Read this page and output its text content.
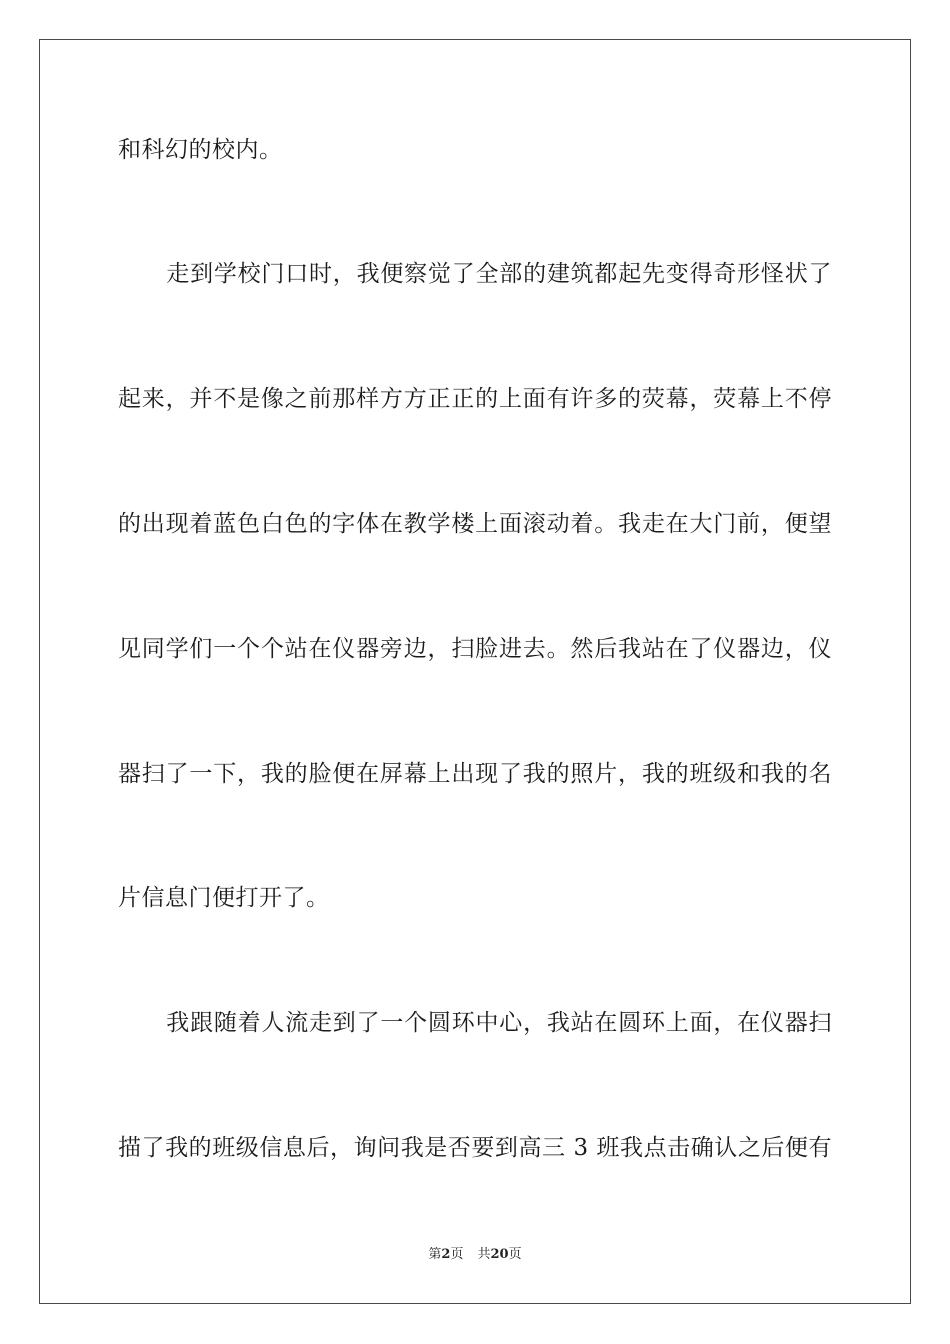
和科幻的校内。
走到学校门口时，我便察觉了全部的建筑都起先变得奇形怪状了
起来，并不是像之前那样方方正正的上面有许多的荧幕，荧幕上不停
的出现着蓝色白色的字体在教学楼上面滚动着。我走在大门前，便望
见同学们一个个站在仪器旁边，扫脸进去。然后我站在了仪器边，仪
器扫了一下，我的脸便在屏幕上出现了我的照片，我的班级和我的名
片信息门便打开了。
我跟随着人流走到了一个圆环中心，我站在圆环上面，在仪器扫
描了我的班级信息后，询问我是否要到高三 3 班我点击确认之后便有
第2页 共20页
